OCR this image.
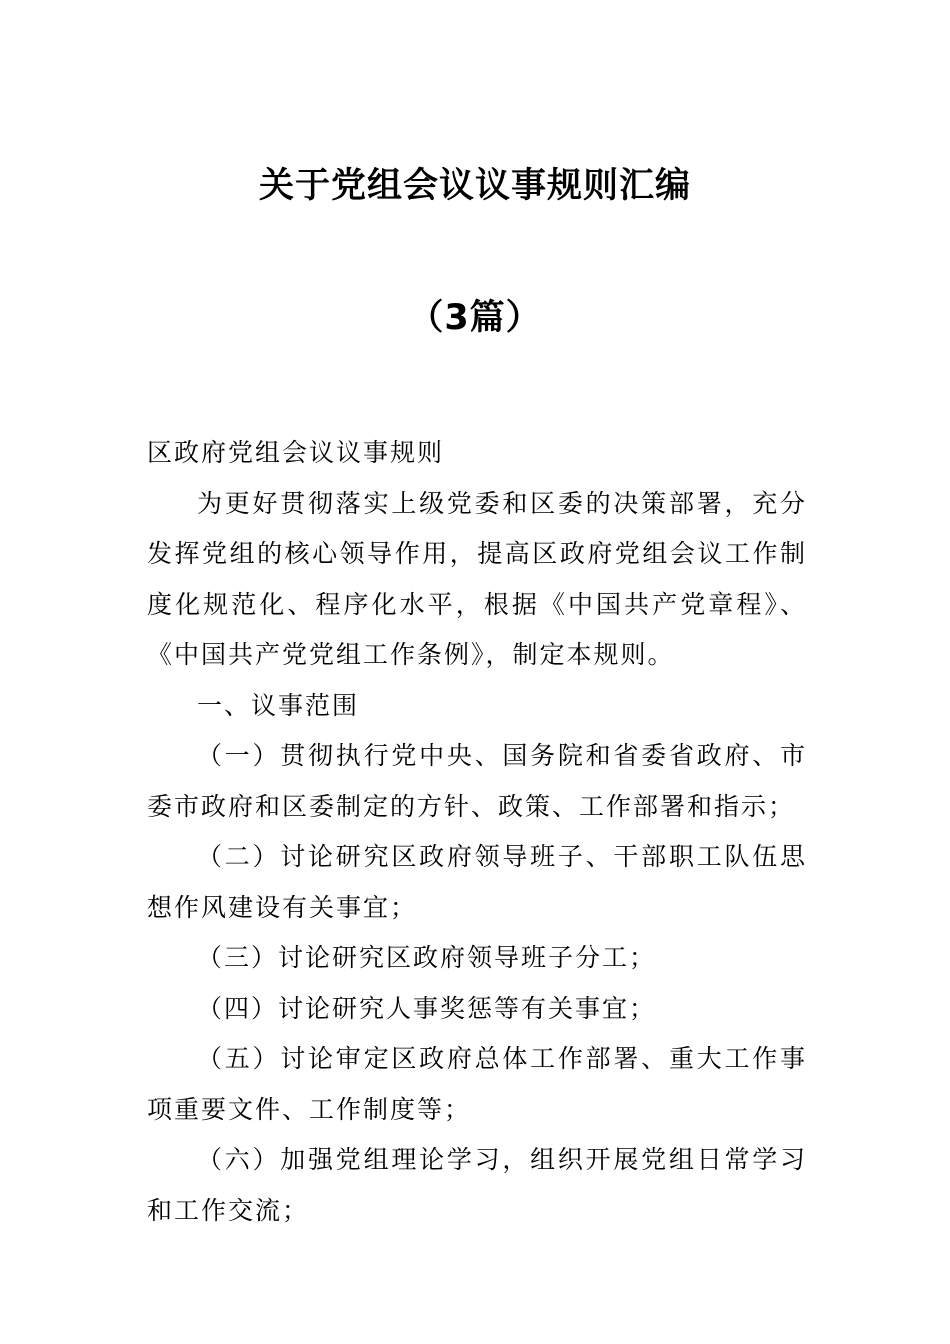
关于党组会议议事规则汇编
（3篇）

区政府党组会议议事规则

为更好贯彻落实上级党委和区委的决策部署，充分发挥党组的核心领导作用，提高区政府党组会议工作制度化规范化、程序化水平，根据《中国共产党章程》、《中国共产党党组工作条例》，制定本规则。

一、议事范围

（一）贯彻执行党中央、国务院和省委省政府、市委市政府和区委制定的方针、政策、工作部署和指示；

（二）讨论研究区政府领导班子、干部职工队伍思想作风建设有关事宜；

（三）讨论研究区政府领导班子分工；

（四）讨论研究人事奖惩等有关事宜；

（五）讨论审定区政府总体工作部署、重大工作事项重要文件、工作制度等；

（六）加强党组理论学习，组织开展党组日常学习和工作交流；
